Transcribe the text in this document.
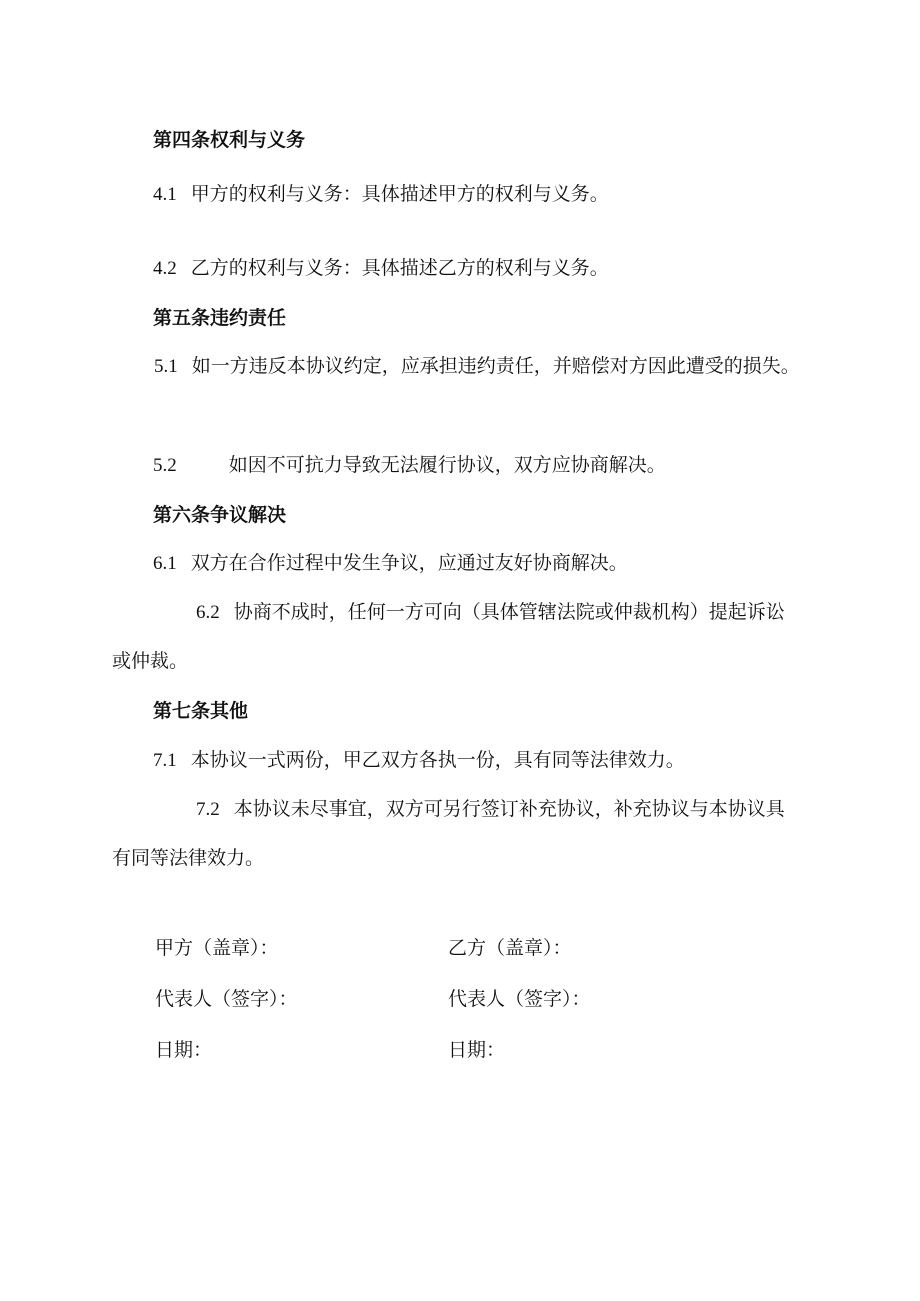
第四条权利与义务

4.1 甲方的权利与义务：具体描述甲方的权利与义务。

4.2 乙方的权利与义务：具体描述乙方的权利与义务。

第五条违约责任

5.1 如一方违反本协议约定，应承担违约责任，并赔偿对方因此遭受的损失。

5.2	如因不可抗力导致无法履行协议，双方应协商解决。

第六条争议解决

6.1 双方在合作过程中发生争议，应通过友好协商解决。

6.2 协商不成时，任何一方可向（具体管辖法院或仲裁机构）提起诉讼或仲裁。

第七条其他

7.1 本协议一式两份，甲乙双方各执一份，具有同等法律效力。

7.2 本协议未尽事宜，双方可另行签订补充协议，补充协议与本协议具有同等法律效力。
甲方（盖章）：	乙方（盖章）：
代表人（签字）：	代表人（签字）：
日期：	日期：
